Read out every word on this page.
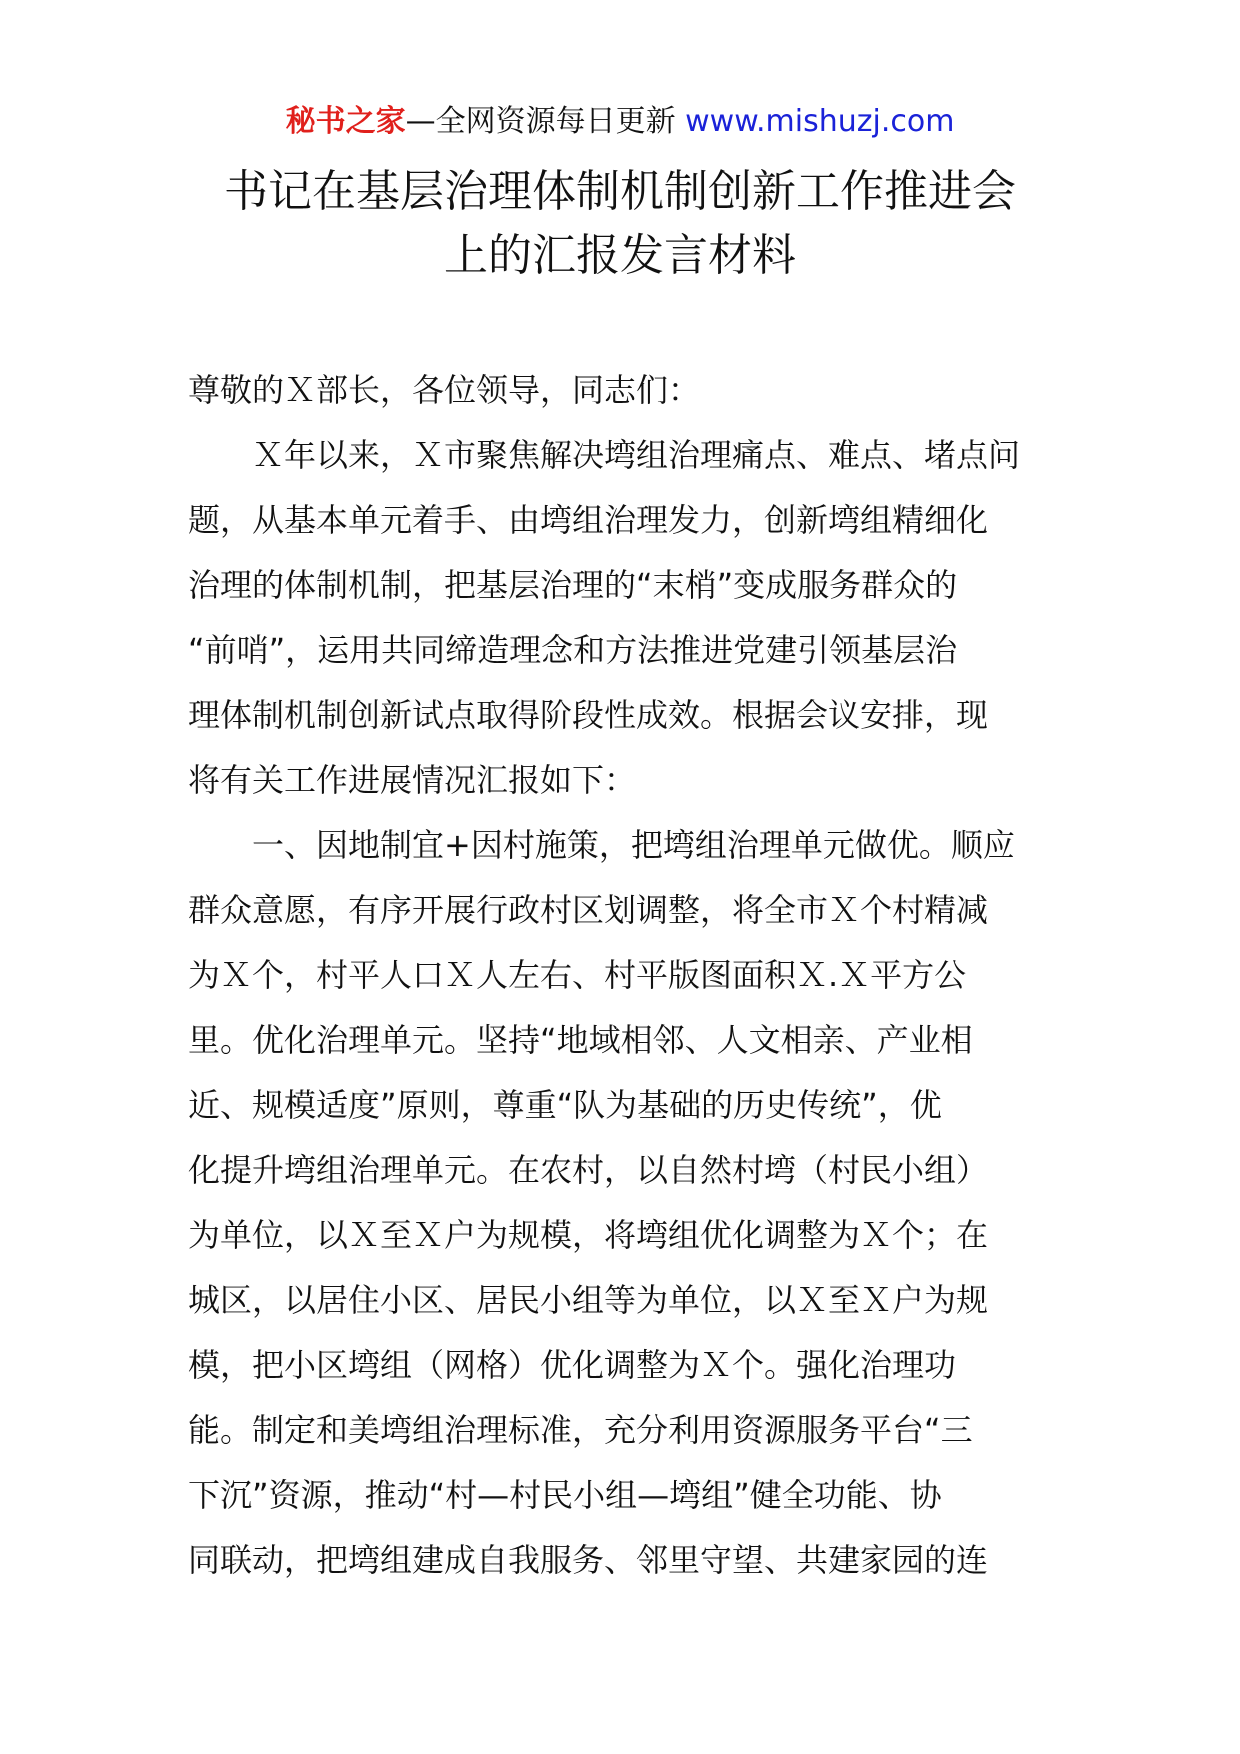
秘书之家—全网资源每日更新 www.mishuzj.com
书记在基层治理体制机制创新工作推进会
上的汇报发言材料
尊敬的Ｘ部长，各位领导，同志们：
　　Ｘ年以来，Ｘ市聚焦解决塆组治理痛点、难点、堵点问
题，从基本单元着手、由塆组治理发力，创新塆组精细化
治理的体制机制，把基层治理的“末梢”变成服务群众的
“前哨”，运用共同缔造理念和方法推进党建引领基层治
理体制机制创新试点取得阶段性成效。根据会议安排，现
将有关工作进展情况汇报如下：
　　一、因地制宜+因村施策，把塆组治理单元做优。顺应
群众意愿，有序开展行政村区划调整，将全市Ｘ个村精减
为Ｘ个，村平人口Ｘ人左右、村平版图面积Ｘ.Ｘ平方公
里。优化治理单元。坚持“地域相邻、人文相亲、产业相
近、规模适度”原则，尊重“队为基础的历史传统”，优
化提升塆组治理单元。在农村，以自然村塆（村民小组）
为单位，以Ｘ至Ｘ户为规模，将塆组优化调整为Ｘ个；在
城区，以居住小区、居民小组等为单位，以Ｘ至Ｘ户为规
模，把小区塆组（网格）优化调整为Ｘ个。强化治理功
能。制定和美塆组治理标准，充分利用资源服务平台“三
下沉”资源，推动“村—村民小组—塆组”健全功能、协
同联动，把塆组建成自我服务、邻里守望、共建家园的连
